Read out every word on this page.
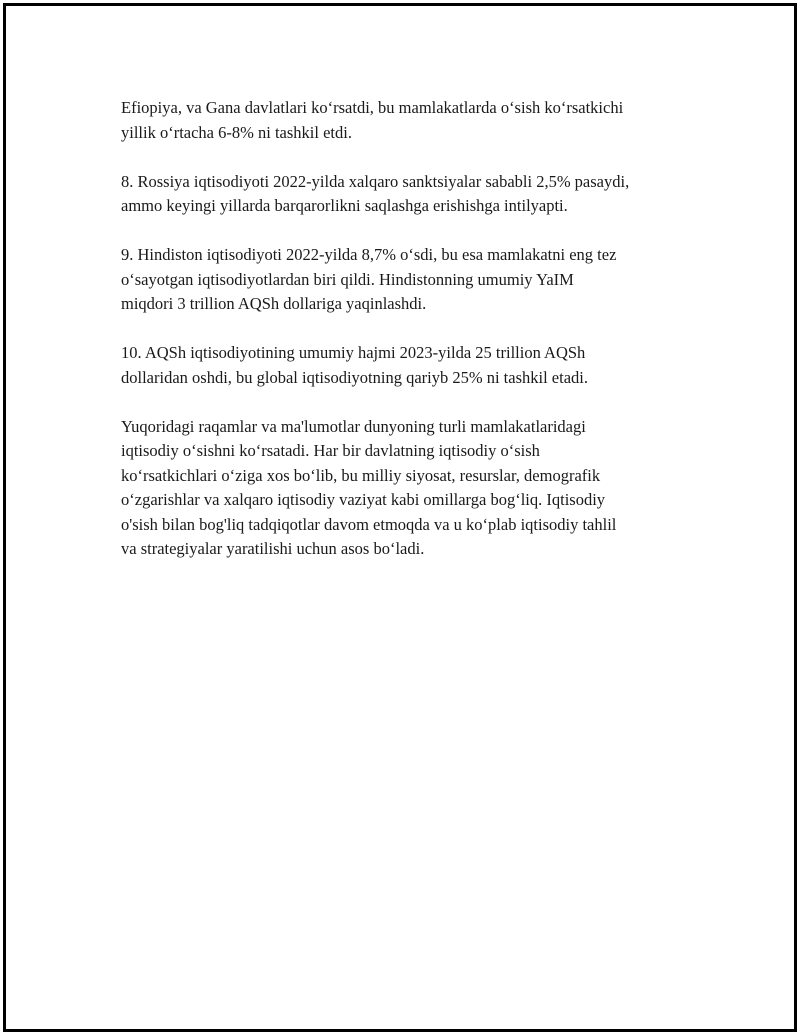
Efiopiya, va Gana davlatlari ko‘rsatdi, bu mamlakatlarda o‘sish ko‘rsatkichi
yillik o‘rtacha 6-8% ni tashkil etdi.

8. Rossiya iqtisodiyoti 2022-yilda xalqaro sanktsiyalar sababli 2,5% pasaydi,
ammo keyingi yillarda barqarorlikni saqlashga erishishga intilyapti.

9. Hindiston iqtisodiyoti 2022-yilda 8,7% o‘sdi, bu esa mamlakatni eng tez
o‘sayotgan iqtisodiyotlardan biri qildi. Hindistonning umumiy YaIM
miqdori 3 trillion AQSh dollariga yaqinlashdi.

10. AQSh iqtisodiyotining umumiy hajmi 2023-yilda 25 trillion AQSh
dollaridan oshdi, bu global iqtisodiyotning qariyb 25% ni tashkil etadi.

Yuqoridagi raqamlar va ma'lumotlar dunyoning turli mamlakatlaridagi
iqtisodiy o‘sishni ko‘rsatadi. Har bir davlatning iqtisodiy o‘sish
ko‘rsatkichlari o‘ziga xos bo‘lib, bu milliy siyosat, resurslar, demografik
o‘zgarishlar va xalqaro iqtisodiy vaziyat kabi omillarga bog‘liq. Iqtisodiy
o'sish bilan bog'liq tadqiqotlar davom etmoqda va u ko‘plab iqtisodiy tahlil
va strategiyalar yaratilishi uchun asos bo‘ladi.
